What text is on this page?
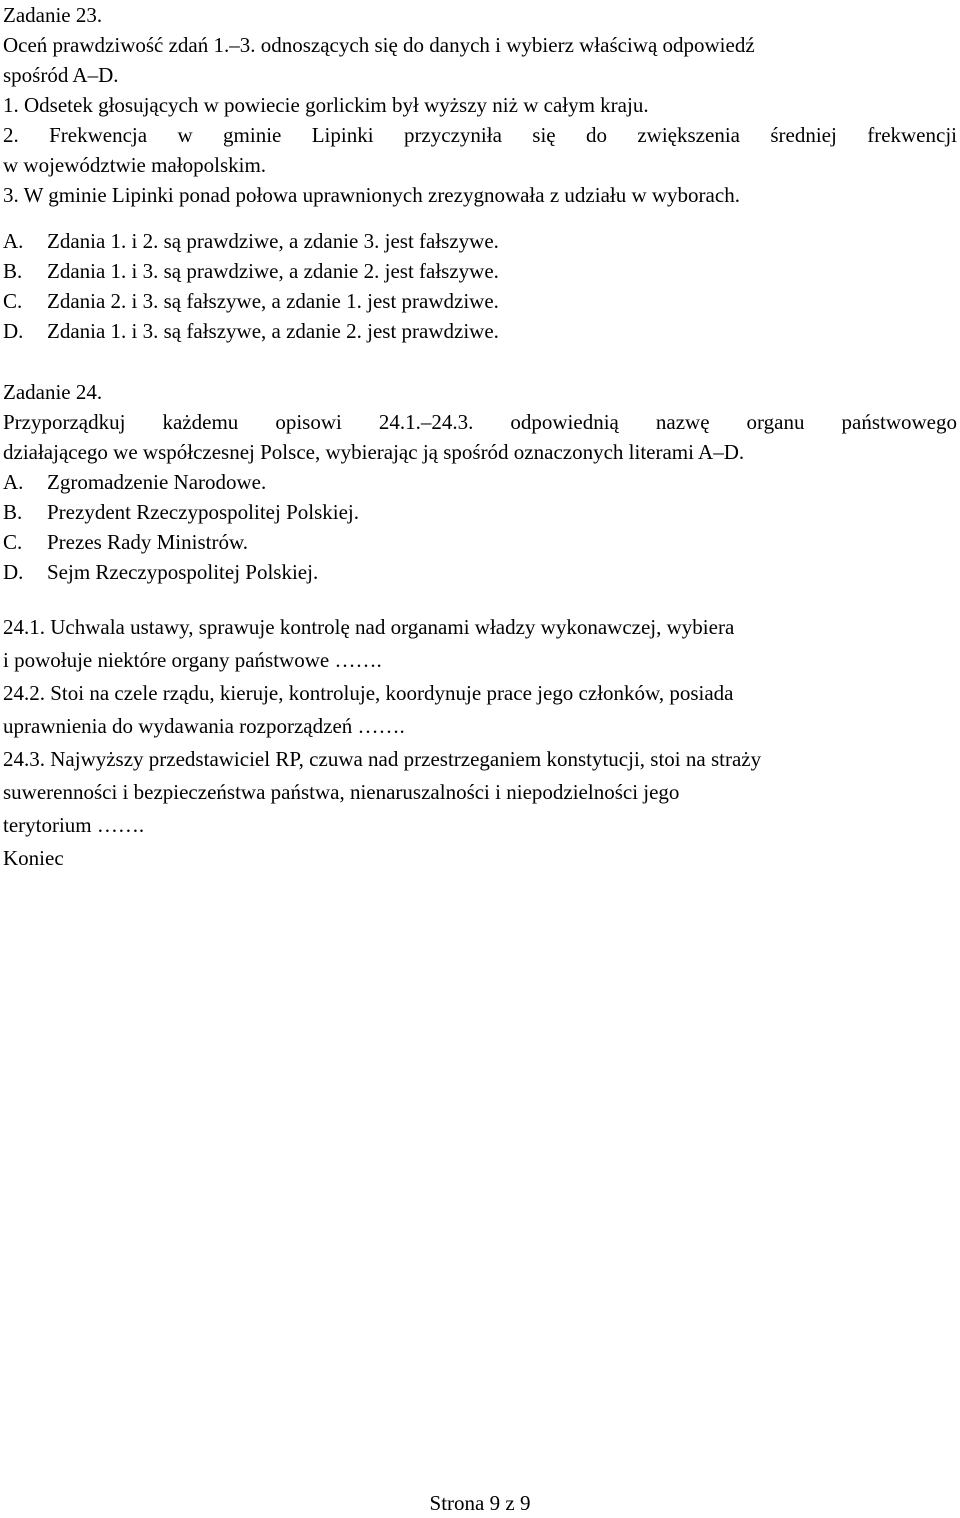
Zadanie 23.

Oceń prawdziwość zdań 1.–3. odnoszących się do danych i wybierz właściwą odpowiedź

spośród A–D.

1. Odsetek głosujących w powiecie gorlickim był wyższy niż w całym kraju.

2. Frekwencja w gminie Lipinki przyczyniła się do zwiększenia średniej frekwencji

w województwie małopolskim.

3. W gminie Lipinki ponad połowa uprawnionych zrezygnowała z udziału w wyborach.

A.	Zdania 1. i 2. są prawdziwe, a zdanie 3. jest fałszywe.
B.	Zdania 1. i 3. są prawdziwe, a zdanie 2. jest fałszywe.
C.	Zdania 2. i 3. są fałszywe, a zdanie 1. jest prawdziwe.
D.	Zdania 1. i 3. są fałszywe, a zdanie 2. jest prawdziwe.

Zadanie 24.

Przyporządkuj każdemu opisowi 24.1.–24.3. odpowiednią nazwę organu państwowego

działającego we współczesnej Polsce, wybierając ją spośród oznaczonych literami A–D.

A.	Zgromadzenie Narodowe.
B.	Prezydent Rzeczypospolitej Polskiej.
C.	Prezes Rady Ministrów.
D.	Sejm Rzeczypospolitej Polskiej.

24.1. Uchwala ustawy, sprawuje kontrolę nad organami władzy wykonawczej, wybiera

i powołuje niektóre organy państwowe …….

24.2. Stoi na czele rządu, kieruje, kontroluje, koordynuje prace jego członków, posiada

uprawnienia do wydawania rozporządzeń …….

24.3. Najwyższy przedstawiciel RP, czuwa nad przestrzeganiem konstytucji, stoi na straży

suwerenności i bezpieczeństwa państwa, nienaruszalności i niepodzielności jego

terytorium …….

Koniec

Strona 9 z 9
